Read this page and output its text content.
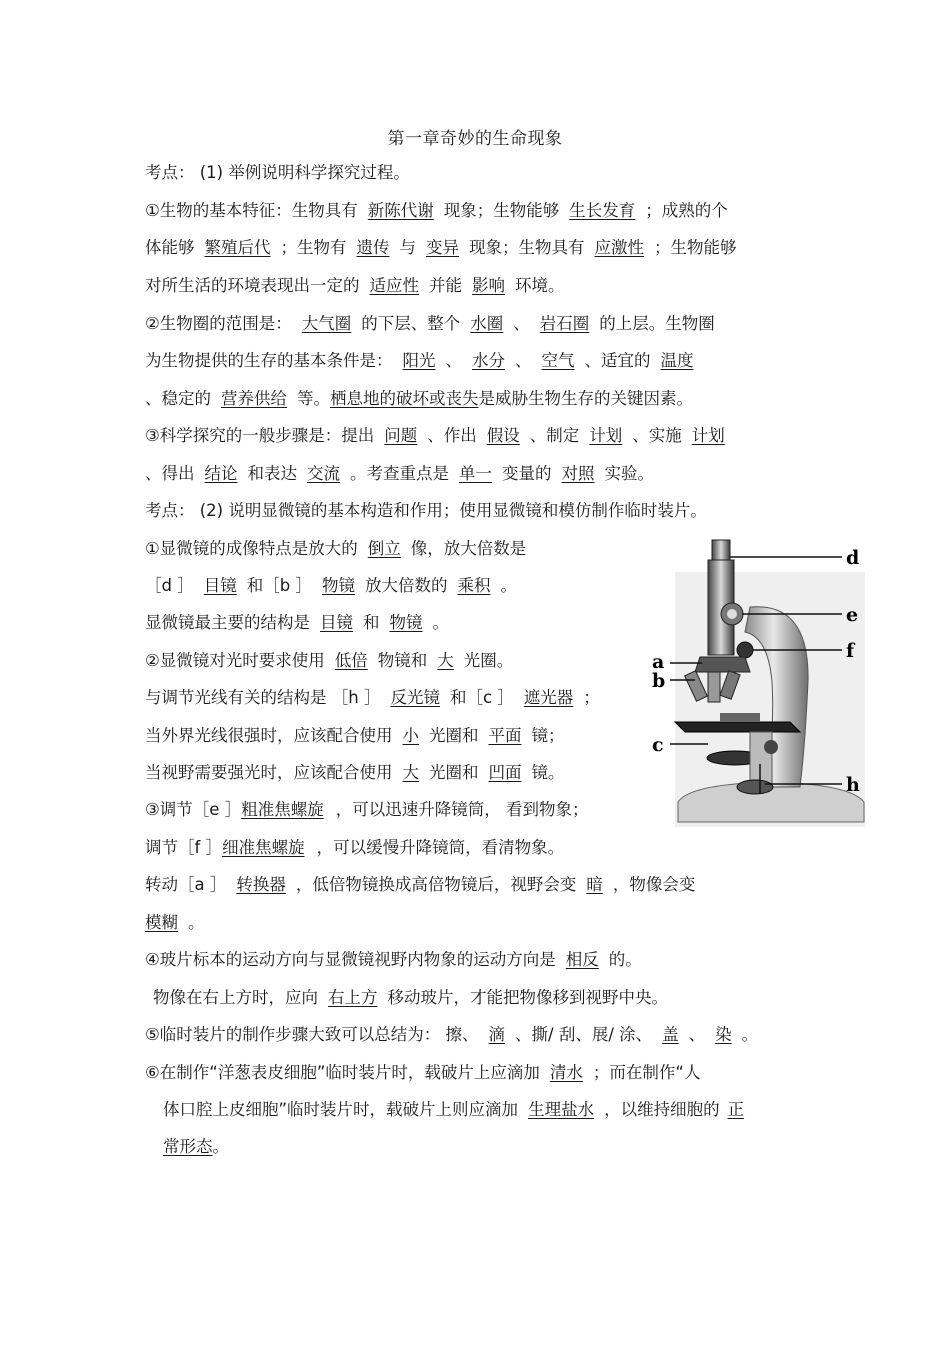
第一章奇妙的生命现象
考点： (1) 举例说明科学探究过程。
①生物的基本特征：生物具有 新陈代谢 现象；生物能够 生长发育 ；成熟的个
体能够 繁殖后代 ；生物有 遗传 与 变异 现象；生物具有 应激性 ；生物能够
对所生活的环境表现出一定的 适应性 并能 影响 环境。
②生物圈的范围是： 大气圈 的下层、整个 水圈 、 岩石圈 的上层。生物圈
为生物提供的生存的基本条件是： 阳光 、 水分 、 空气 、适宜的 温度
、稳定的 营养供给 等。栖息地的破坏或丧失是威胁生物生存的关键因素。
③科学探究的一般步骤是：提出 问题 、作出 假设 、制定 计划 、实施 计划
、得出 结论 和表达 交流 。考查重点是 单一 变量的 对照 实验。
考点： (2) 说明显微镜的基本构造和作用；使用显微镜和模仿制作临时装片。
①显微镜的成像特点是放大的 倒立 像，放大倍数是
［d ］ 目镜 和［b ］ 物镜 放大倍数的 乘积 。
显微镜最主要的结构是 目镜 和 物镜 。
②显微镜对光时要求使用 低倍 物镜和 大 光圈。
与调节光线有关的结构是 ［h ］ 反光镜 和［c ］ 遮光器 ；
当外界光线很强时，应该配合使用 小 光圈和 平面 镜；
当视野需要强光时，应该配合使用 大 光圈和 凹面 镜。
③调节［e ］粗准焦螺旋 ，可以迅速升降镜筒， 看到物象；
调节［f ］细准焦螺旋 ，可以缓慢升降镜筒，看清物象。
转动［a ］ 转换器 ，低倍物镜换成高倍物镜后，视野会变 暗 ，物像会变
模糊 。
④玻片标本的运动方向与显微镜视野内物象的运动方向是 相反 的。
物像在右上方时，应向 右上方 移动玻片，才能把物像移到视野中央。
⑤临时装片的制作步骤大致可以总结为： 擦、 滴 、撕/ 刮、展/ 涂、 盖 、 染 。
⑥在制作“洋葱表皮细胞”临时装片时，载破片上应滴加 清水 ；而在制作“人
体口腔上皮细胞”临时装片时，载破片上则应滴加 生理盐水 ，以维持细胞的 正
常形态。
d
e
f
a
b
c
h
